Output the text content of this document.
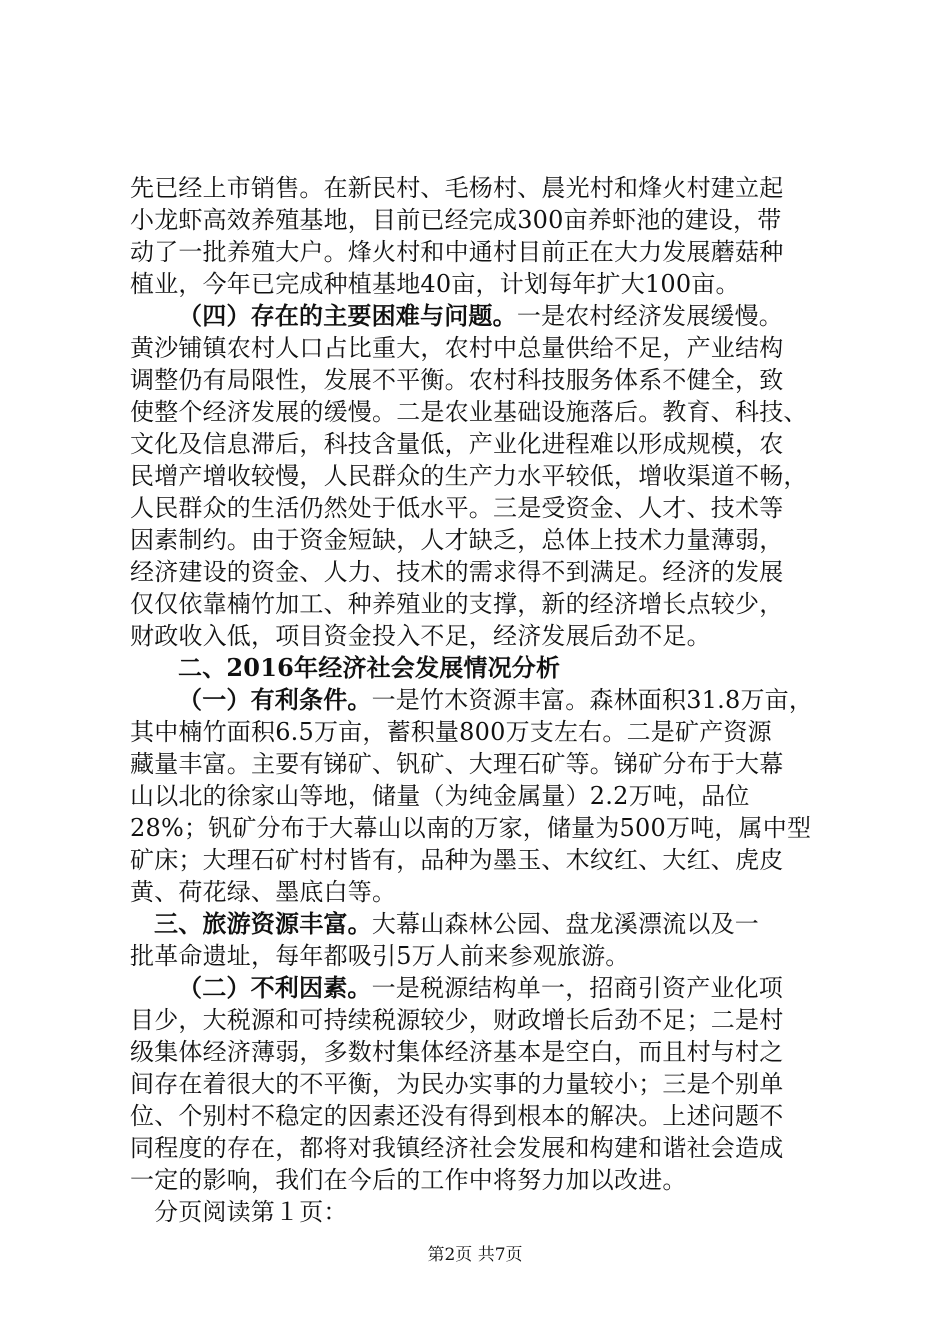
先已经上市销售。在新民村、毛杨村、晨光村和烽火村建立起
小龙虾高效养殖基地，目前已经完成300亩养虾池的建设，带
动了一批养殖大户。烽火村和中通村目前正在大力发展蘑菇种
植业，今年已完成种植基地40亩，计划每年扩大100亩。
（四）存在的主要困难与问题。一是农村经济发展缓慢。
黄沙铺镇农村人口占比重大，农村中总量供给不足，产业结构
调整仍有局限性，发展不平衡。农村科技服务体系不健全，致
使整个经济发展的缓慢。二是农业基础设施落后。教育、科技、
文化及信息滞后，科技含量低，产业化进程难以形成规模，农
民增产增收较慢，人民群众的生产力水平较低，增收渠道不畅，
人民群众的生活仍然处于低水平。三是受资金、人才、技术等
因素制约。由于资金短缺，人才缺乏，总体上技术力量薄弱，
经济建设的资金、人力、技术的需求得不到满足。经济的发展
仅仅依靠楠竹加工、种养殖业的支撑，新的经济增长点较少，
财政收入低，项目资金投入不足，经济发展后劲不足。
二、2016年经济社会发展情况分析
（一）有利条件。一是竹木资源丰富。森林面积31.8万亩，
其中楠竹面积6.5万亩，蓄积量800万支左右。二是矿产资源
藏量丰富。主要有锑矿、钒矿、大理石矿等。锑矿分布于大幕
山以北的徐家山等地，储量（为纯金属量）2.2万吨，品位
28%；钒矿分布于大幕山以南的万家，储量为500万吨，属中型
矿床；大理石矿村村皆有，品种为墨玉、木纹红、大红、虎皮
黄、荷花绿、墨底白等。
三、旅游资源丰富。大幕山森林公园、盘龙溪漂流以及一
批革命遗址，每年都吸引5万人前来参观旅游。
（二）不利因素。一是税源结构单一，招商引资产业化项
目少，大税源和可持续税源较少，财政增长后劲不足；二是村
级集体经济薄弱，多数村集体经济基本是空白，而且村与村之
间存在着很大的不平衡，为民办实事的力量较小；三是个别单
位、个别村不稳定的因素还没有得到根本的解决。上述问题不
同程度的存在，都将对我镇经济社会发展和构建和谐社会造成
一定的影响，我们在今后的工作中将努力加以改进。
分页阅读第１页：
第2页 共7页
